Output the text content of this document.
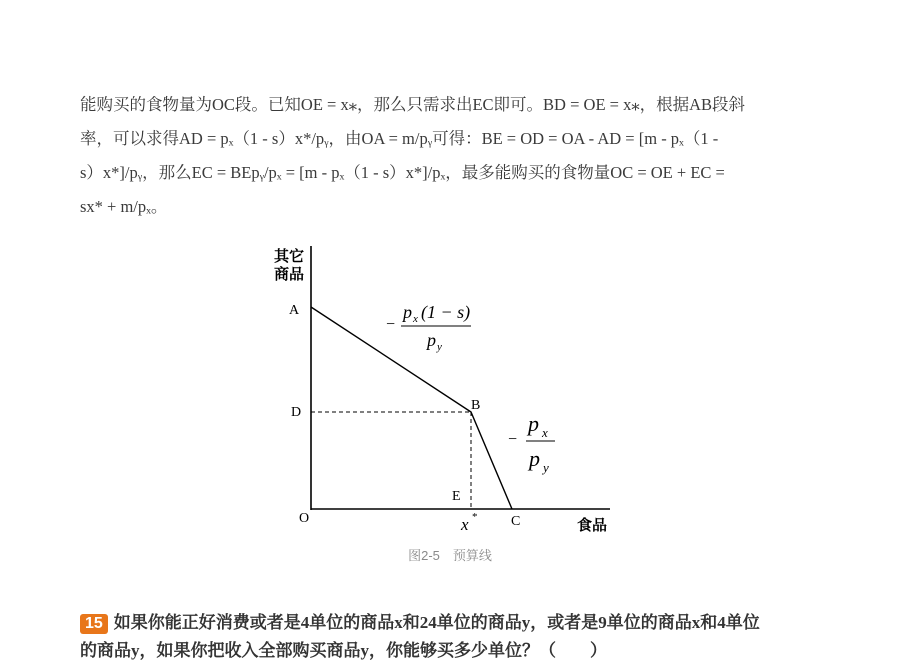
能购买的食物量为OC段。已知OE = x⁎，那么只需求出EC即可。BD = OE = x⁎，根据AB段斜
率，可以求得AD = pₓ（1 - s）x*/pᵧ，由OA = m/pᵧ可得：BE = OD = OA - AD = [m - pₓ（1 -
s）x*]/pᵧ，那么EC = BEpᵧ/pₓ = [m - pₓ（1 - s）x*]/pₓ，最多能购买的食物量OC = OE + EC =
sx* + m/pₓ。
其它
商品
食品
A
B
C
D
E
O	x *
−
p x (1 − s)
p y
−
p x
p y
图2-5　预算线
15 如果你能正好消费或者是4单位的商品x和24单位的商品y，或者是9单位的商品x和4单位
的商品y，如果你把收入全部购买商品y，你能够买多少单位？（　　）
